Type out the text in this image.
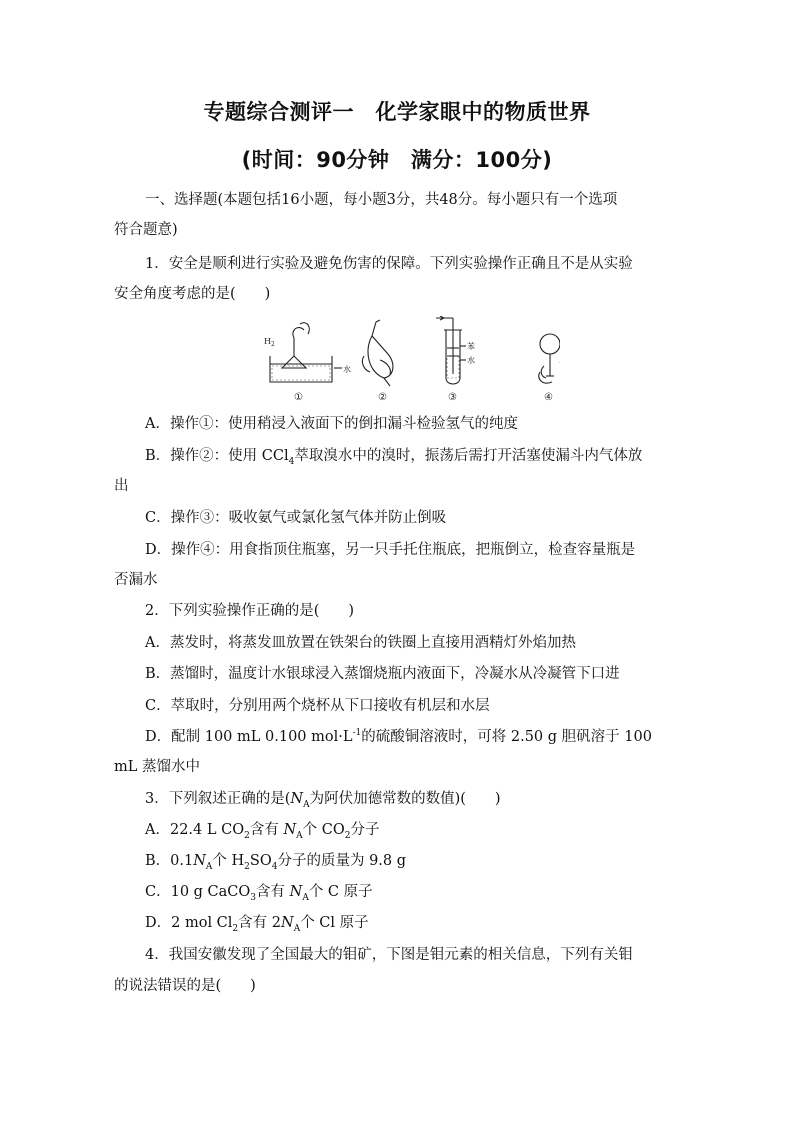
专题综合测评一　化学家眼中的物质世界
(时间：90分钟　满分：100分)
一、选择题(本题包括16小题，每小题3分，共48分。每小题只有一个选项
符合题意)
1．安全是顺利进行实验及避免伤害的保障。下列实验操作正确且不是从实验
安全角度考虑的是(　　)
$H_2$
水
苯
水
①	②	③	④
A．操作①：使用稍浸入液面下的倒扣漏斗检验氢气的纯度
B．操作②：使用 CCl$_4$萃取溴水中的溴时，振荡后需打开活塞使漏斗内气体放
出
C．操作③：吸收氨气或氯化氢气体并防止倒吸
D．操作④：用食指顶住瓶塞，另一只手托住瓶底，把瓶倒立，检查容量瓶是
否漏水
2．下列实验操作正确的是(　　)
A．蒸发时，将蒸发皿放置在铁架台的铁圈上直接用酒精灯外焰加热
B．蒸馏时，温度计水银球浸入蒸馏烧瓶内液面下，冷凝水从冷凝管下口进
C．萃取时，分别用两个烧杯从下口接收有机层和水层
D．配制 100 mL 0.100 $mol\cdot L^{-1}$的硫酸铜溶液时，可将 2.50 g 胆矾溶于 100
mL 蒸馏水中
3．下列叙述正确的是($N_A$为阿伏加德常数的数值)(　　)
A．22.4 L $CO_2$含有 $N_A$个 $CO_2$分子
B．$0.1N_A$个 $H_2SO_4$分子的质量为 9.8 g
C．10 g CaCO$_3$含有 $N_A$个 C 原子
D．2 mol $Cl_2$含有 $2N_A$个 Cl 原子
4．我国安徽发现了全国最大的钼矿，下图是钼元素的相关信息，下列有关钼
的说法错误的是(　　)
